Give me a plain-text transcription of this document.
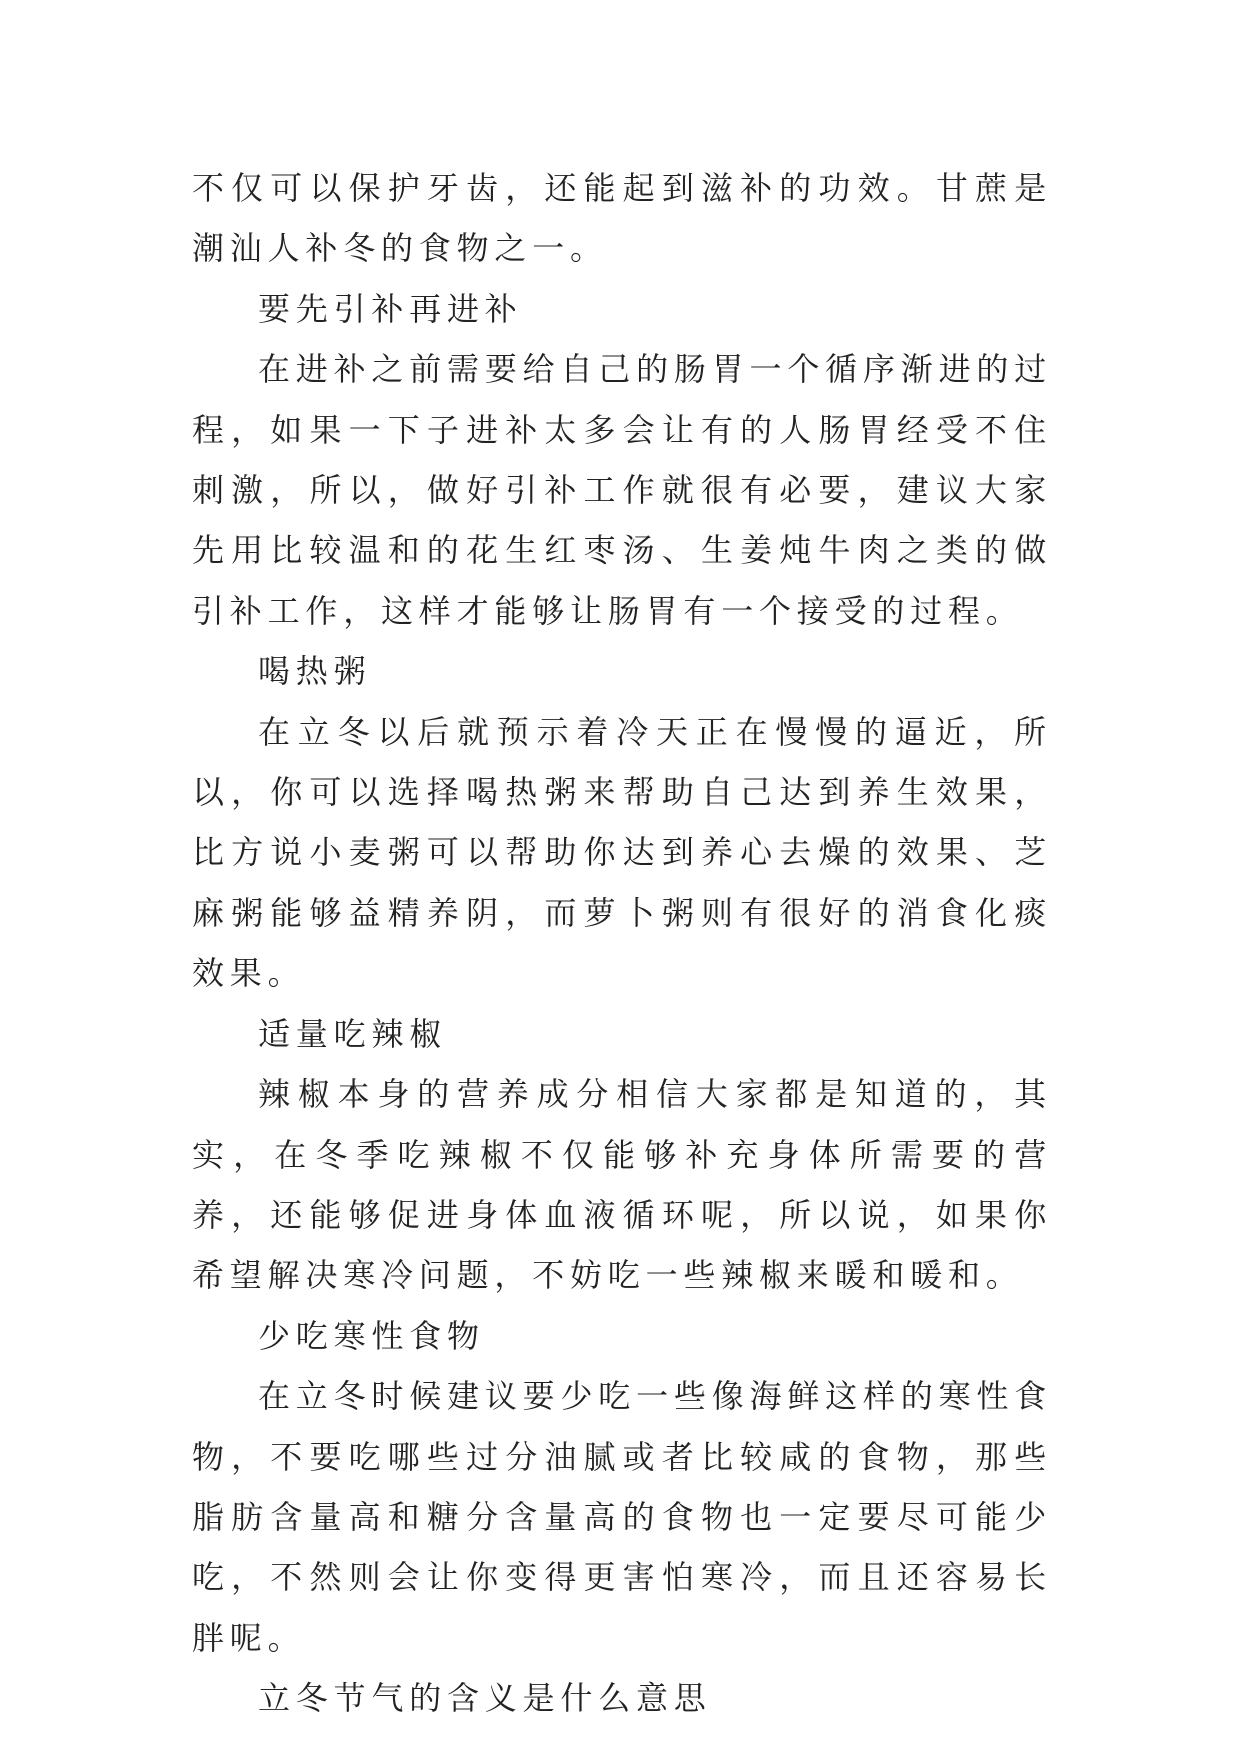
不仅可以保护牙齿，还能起到滋补的功效。甘蔗是潮汕人补冬的食物之一。

要先引补再进补

在进补之前需要给自己的肠胃一个循序渐进的过程，如果一下子进补太多会让有的人肠胃经受不住刺激，所以，做好引补工作就很有必要，建议大家先用比较温和的花生红枣汤、生姜炖牛肉之类的做引补工作，这样才能够让肠胃有一个接受的过程。

喝热粥

在立冬以后就预示着冷天正在慢慢的逼近，所以，你可以选择喝热粥来帮助自己达到养生效果，比方说小麦粥可以帮助你达到养心去燥的效果、芝麻粥能够益精养阴，而萝卜粥则有很好的消食化痰效果。

适量吃辣椒

辣椒本身的营养成分相信大家都是知道的，其实，在冬季吃辣椒不仅能够补充身体所需要的营养，还能够促进身体血液循环呢，所以说，如果你希望解决寒冷问题，不妨吃一些辣椒来暖和暖和。

少吃寒性食物

在立冬时候建议要少吃一些像海鲜这样的寒性食物，不要吃哪些过分油腻或者比较咸的食物，那些脂肪含量高和糖分含量高的食物也一定要尽可能少吃，不然则会让你变得更害怕寒冷，而且还容易长胖呢。

立冬节气的含义是什么意思
